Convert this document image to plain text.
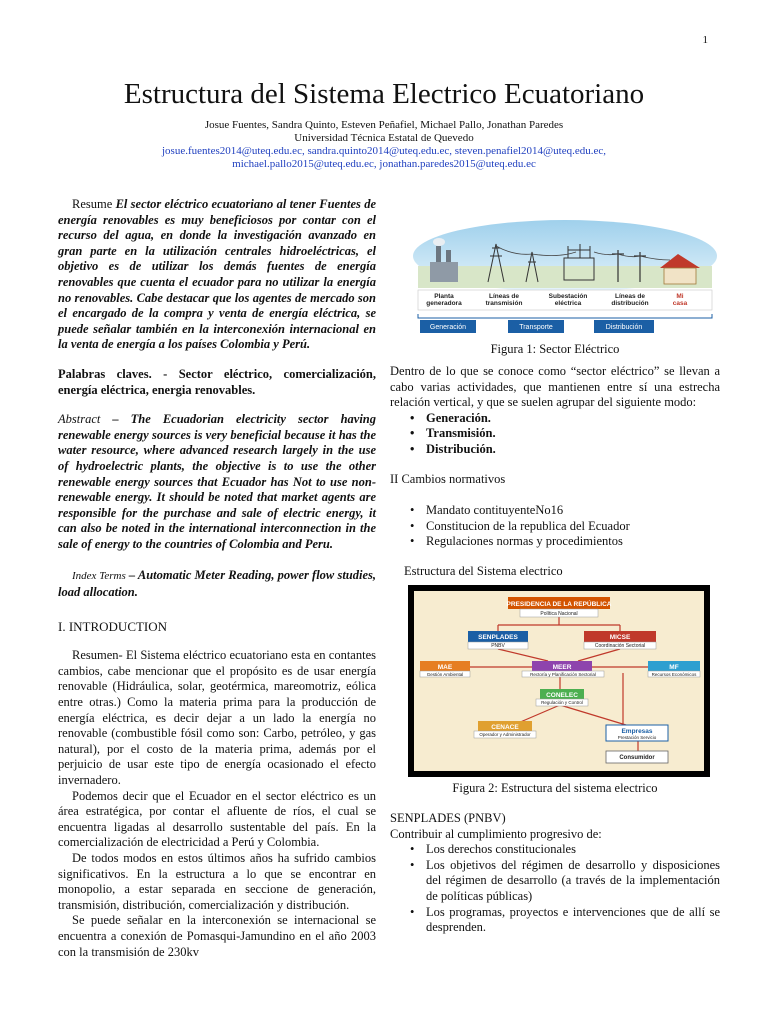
1
Estructura del Sistema Electrico Ecuatoriano
Josue Fuentes, Sandra Quinto, Esteven Peñafiel, Michael Pallo, Jonathan Paredes
Universidad Técnica Estatal de Quevedo
josue.fuentes2014@uteq.edu.ec, sandra.quinto2014@uteq.edu.ec, steven.penafiel2014@uteq.edu.ec,
michael.pallo2015@uteq.edu.ec, jonathan.paredes2015@uteq.edu.ec

Resume El sector eléctrico ecuatoriano al tener Fuentes de energía renovables es muy beneficiosos por contar con el recurso del agua, en donde la investigación avanzado en gran parte en la utilización centrales hidroeléctricas, el objetivo es de utilizar los demás fuentes de energía renovables que cuenta el ecuador para no utilizar la energía no renovables. Cabe destacar que los agentes de mercado son el encargado de la compra y venta de energía eléctrica, se puede señalar también en la interconexión internacional en la venta de energía a los países Colombia y Perú.

Palabras claves. - Sector eléctrico, comercialización, energía eléctrica, energia renovables.

Abstract – The Ecuadorian electricity sector having renewable energy sources is very beneficial because it has the water resource, where advanced research largely in the use of hydroelectric plants, the objective is to use the other renewable energy sources that Ecuador has Not to use non-renewable energy. It should be noted that market agents are responsible for the purchase and sale of electric energy, it can also be noted in the international interconnection in the sale of energy to the countries of Colombia and Peru.

Index Terms – Automatic Meter Reading, power flow studies, load allocation.

I. INTRODUCTION

Resumen- El Sistema eléctrico ecuatoriano esta en contantes cambios, cabe mencionar que el propósito es de usar energía renovable (Hidráulica, solar, geotérmica, mareomotriz, eólica entre otras.) Como la materia prima para la producción de energía eléctrica, es decir dejar a un lado la energía no renovable (combustible fósil como son: Carbo, petróleo, y gas natural), por el costo de la materia prima, además por el perjuicio de usar este tipo de energía ocasionado el efecto invernadero.

Podemos decir que el Ecuador en el sector eléctrico es un área estratégica, por contar el afluente de ríos, el cual se encuentra ligadas al desarrollo sustentable del país. En la comercialización de electricidad a Perú y Colombia.

De todos modos en estos últimos años ha sufrido cambios significativos. En la estructura a lo que se encontrar en monopolio, a estar separada en seccione de generación, transmisión, distribución, comercialización y distribución.

Se puede señalar en la interconexión se internacional se encuentra a conexión de Pomasqui-Jamundino en el año 2003 con la transmisión de 230kv

Planta generadora
Líneas de transmisión
Subestación eléctrica
Líneas de distribución
Mi casa
Generación	Transporte	Distribución
Figura 1: Sector Eléctrico

Dentro de lo que se conoce como “sector eléctrico” se llevan a cabo varias actividades, que mantienen entre sí una estrecha relación vertical, y que se suelen agrupar del siguiente modo:

• Generación.
• Transmisión.
• Distribución.

II Cambios normativos

• Mandato contituyenteNo16
• Constitucion de la republica del Ecuador
• Regulaciones normas y procedimientos

Estructura del Sistema electrico

PRESIDENCIA DE LA REPÚBLICA
Política Nacional
SENPLADES
PNBV
MICSE
Coordinación Sectorial
MAE
Gestión Ambiental
MEER
Rectoría y Planificación Sectorial
MF
Recursos Económicos
CONELEC
Regulación y Control
CENACE
Operador y Administrador	Empresas
Prestación Servicio
Consumidor
Figura 2: Estructura del sistema electrico

SENPLADES (PNBV)

Contribuir al cumplimiento progresivo de:

• Los derechos constitucionales
• Los objetivos del régimen de desarrollo y disposiciones del régimen de desarrollo (a través de la implementación de políticas públicas)
• Los programas, proyectos e intervenciones que de allí se desprenden.
